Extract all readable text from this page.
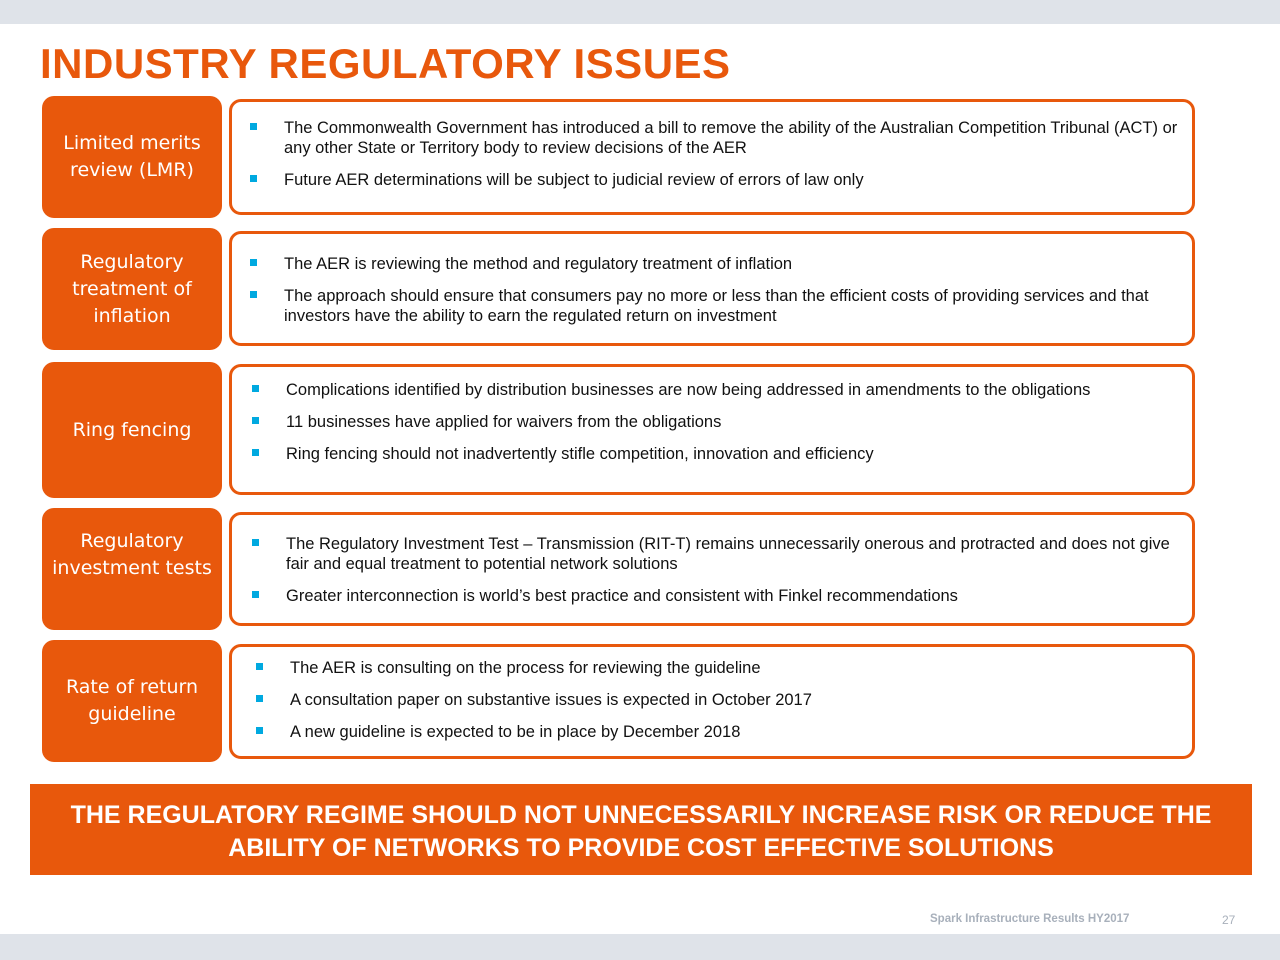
INDUSTRY REGULATORY ISSUES
Limited merits review (LMR)
The Commonwealth Government has introduced a bill to remove the ability of the Australian Competition Tribunal (ACT) or any other State or Territory body to review decisions of the AER
Future AER determinations will be subject to judicial review of errors of law only
Regulatory treatment of inflation
The AER is reviewing the method and regulatory treatment of inflation
The approach should ensure that consumers pay no more or less than the efficient costs of providing services and that investors have the ability to earn the regulated return on investment
Ring fencing
Complications identified by distribution businesses are now being addressed in amendments to the obligations
11 businesses have applied for waivers from the obligations
Ring fencing should not inadvertently stifle competition, innovation and efficiency
Regulatory investment tests
The Regulatory Investment Test – Transmission (RIT-T) remains unnecessarily onerous and protracted and does not give fair and equal treatment to potential network solutions
Greater interconnection is world’s best practice and consistent with Finkel recommendations
Rate of return guideline
The AER is consulting on the process for reviewing the guideline
A consultation paper on substantive issues is expected in October 2017
A new guideline is expected to be in place by December 2018
THE REGULATORY REGIME SHOULD NOT UNNECESSARILY INCREASE RISK OR REDUCE THE ABILITY OF NETWORKS TO PROVIDE COST EFFECTIVE SOLUTIONS
Spark Infrastructure Results HY2017	27
